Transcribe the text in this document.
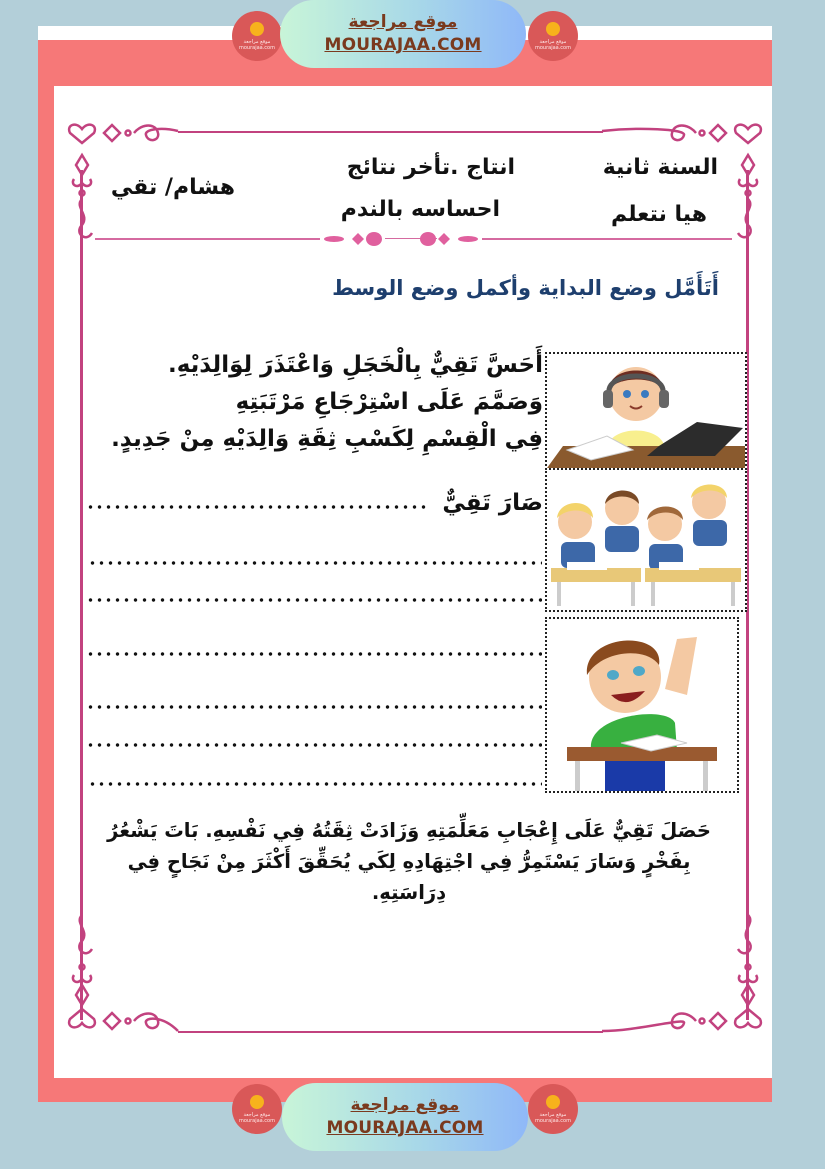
موقع مراجعة
mourajaa.com
موقع مراجعة
MOURAJAA.COM	موقع مراجعة
mourajaa.com
السنة ثانية
هيا نتعلم
انتاج .تأخر نتائج
احساسه بالندم
هشام/ تقي
أَتَأَمَّل وضع البداية وأكمل وضع الوسط
أَحَسَّ تَقِيٌّ بِالْخَجَلِ وَاعْتَذَرَ لِوَالِدَيْهِ.
وَصَمَّمَ عَلَى اسْتِرْجَاعِ مَرْتَبَتِهِ
فِي الْقِسْمِ لِكَسْبِ ثِقَةِ وَالِدَيْهِ مِنْ جَدِيدٍ.
صَارَ تَقِيٌّ
حَصَلَ تَقِيٌّ عَلَى إِعْجَابِ مَعَلِّمَتِهِ وَزَادَتْ ثِقَتُهُ فِي نَفْسِهِ. بَاتَ يَشْعُرُ
بِفَخْرٍ وَسَارَ يَسْتَمِرُّ فِي اجْتِهَادِهِ لِكَي يُحَقِّقَ أَكْثَرَ مِنْ نَجَاحٍ فِي
دِرَاسَتِهِ.
موقع مراجعة
mourajaa.com
موقع مراجعة
MOURAJAA.COM
موقع مراجعة
mourajaa.com
